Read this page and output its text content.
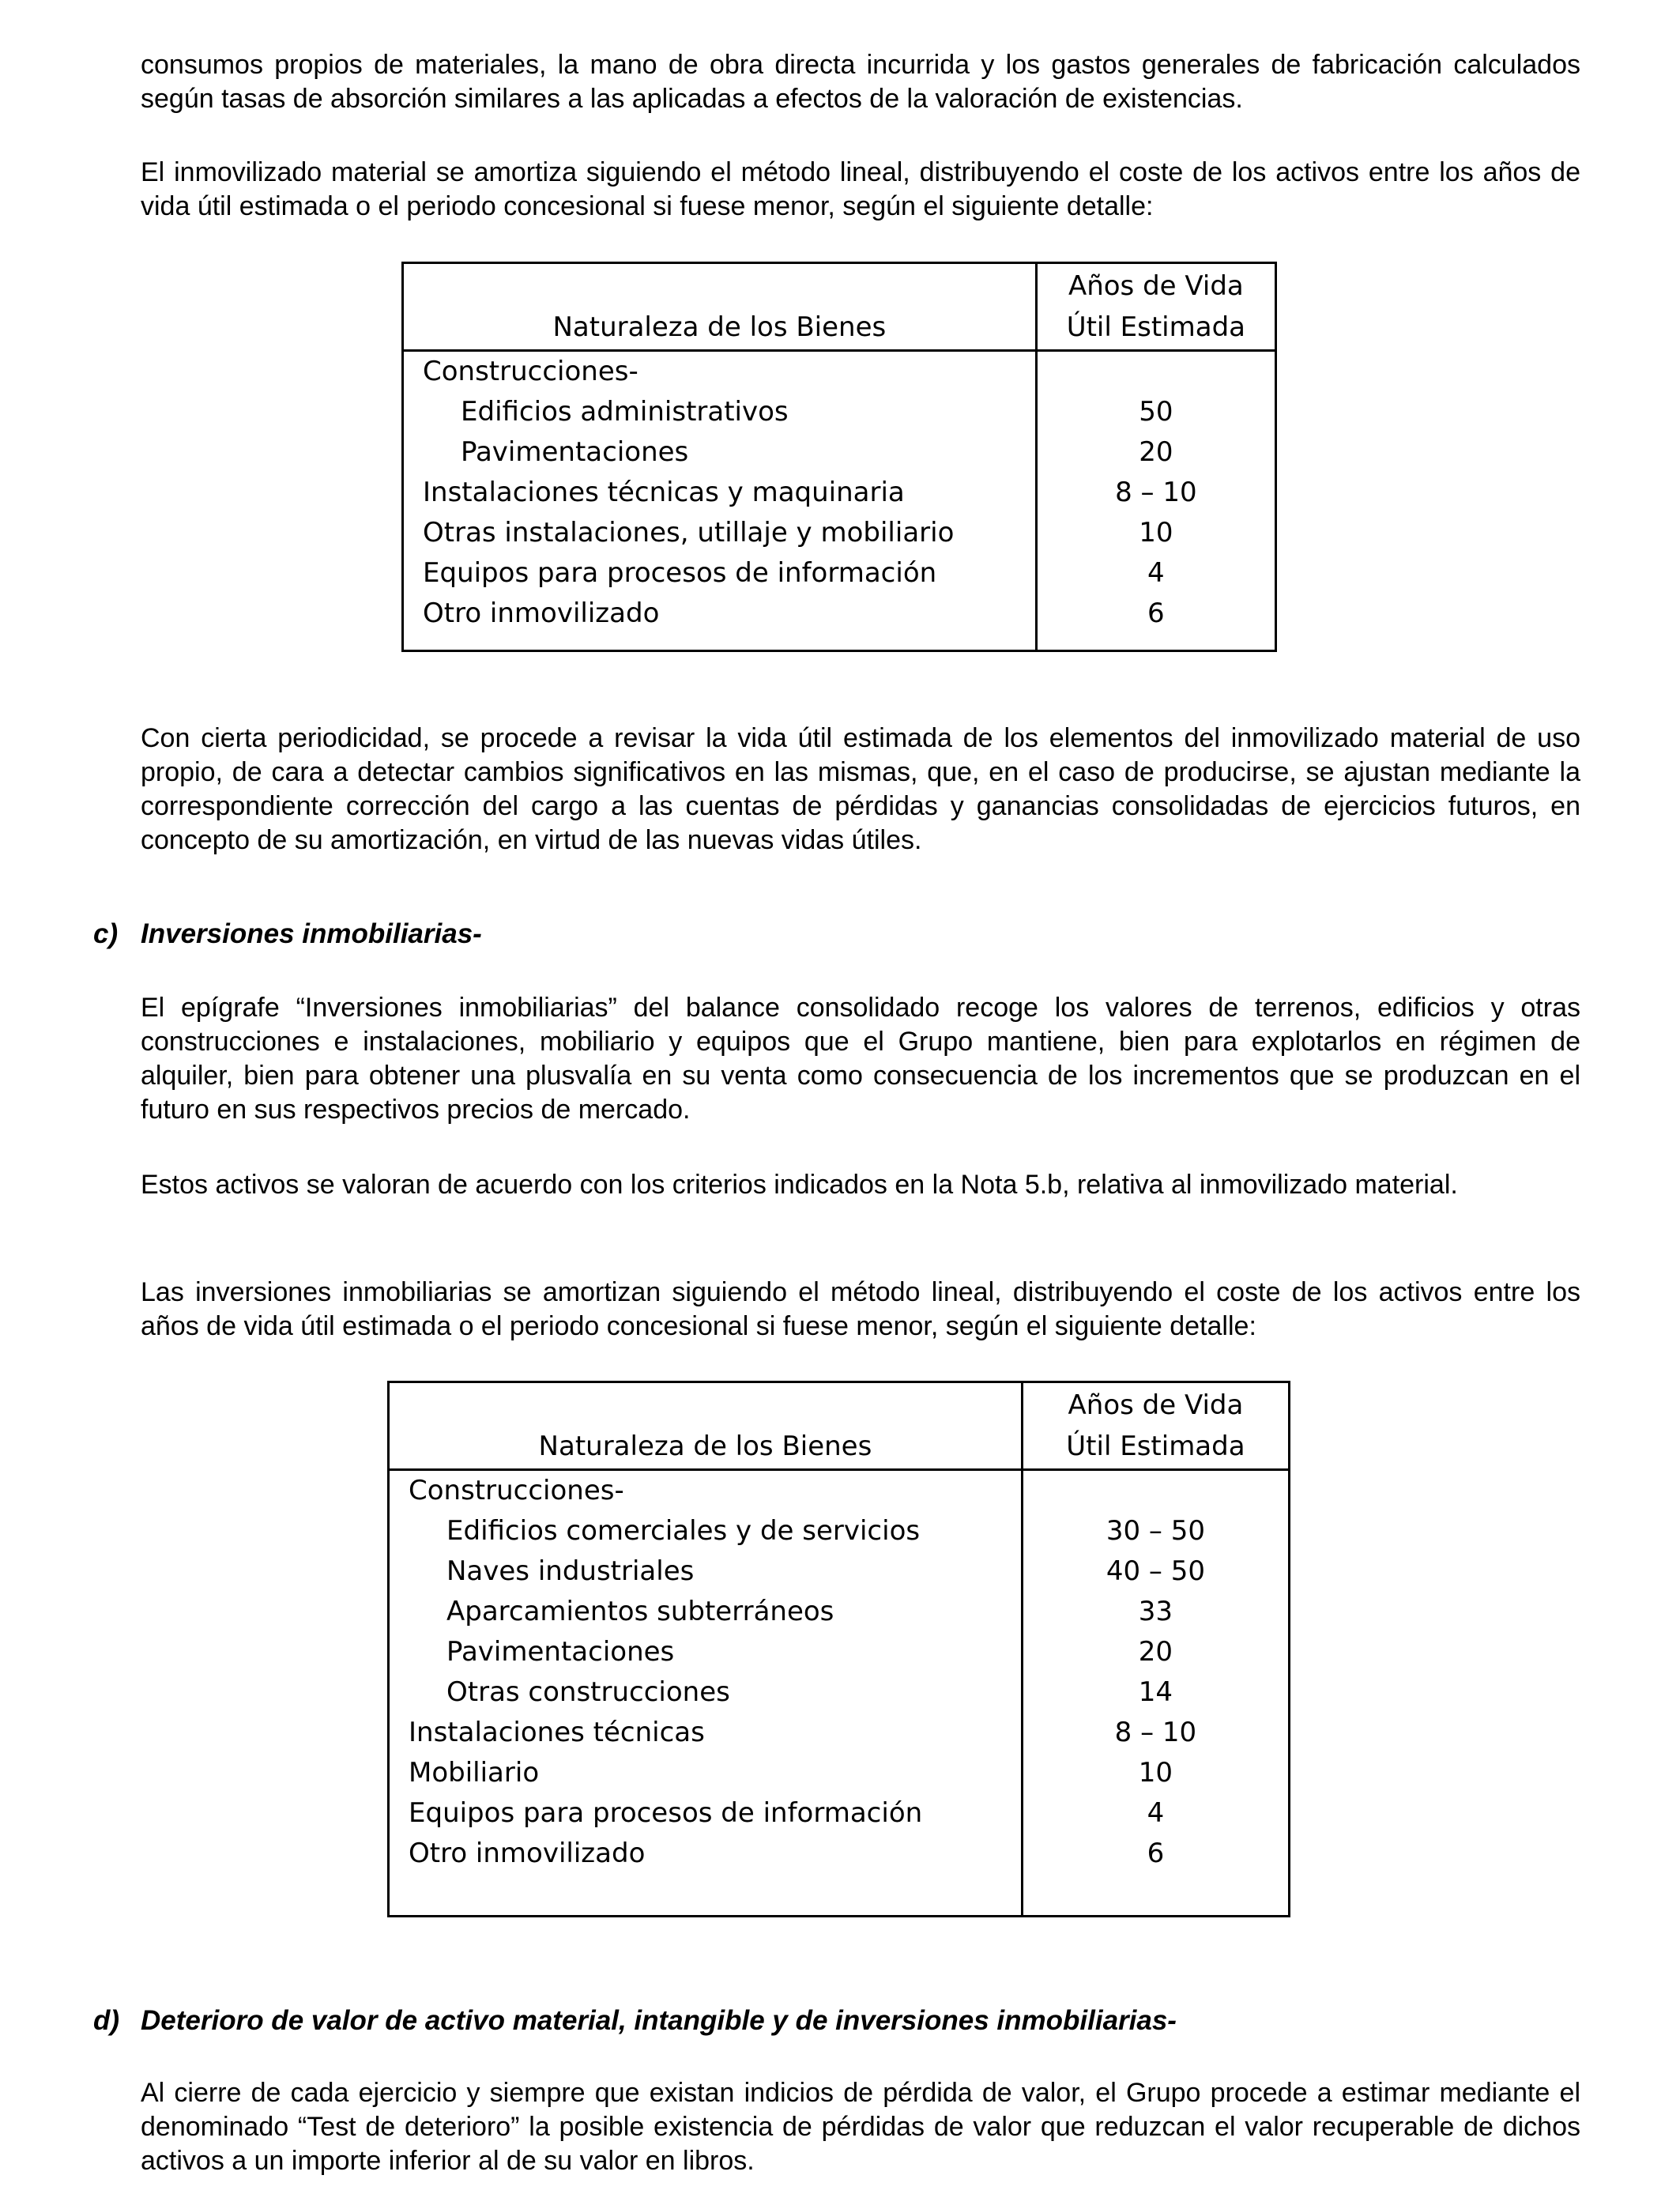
consumos propios de materiales, la mano de obra directa incurrida y los gastos generales de fabricación calculados según tasas de absorción similares a las aplicadas a efectos de la valoración de existencias.

El inmovilizado material se amortiza siguiendo el método lineal, distribuyendo el coste de los activos entre los años de vida útil estimada o el periodo concesional si fuese menor, según el siguiente detalle:

Naturaleza de los Bienes	Años de Vida
Útil Estimada

Construcciones-	
Edificios administrativos	50
Pavimentaciones	20
Instalaciones técnicas y maquinaria	8 – 10
Otras instalaciones, utillaje y mobiliario	10
Equipos para procesos de información	4
Otro inmovilizado	6

Con cierta periodicidad, se procede a revisar la vida útil estimada de los elementos del inmovilizado material de uso propio, de cara a detectar cambios significativos en las mismas, que, en el caso de producirse, se ajustan mediante la correspondiente corrección del cargo a las cuentas de pérdidas y ganancias consolidadas de ejercicios futuros, en concepto de su amortización, en virtud de las nuevas vidas útiles.

c) Inversiones inmobiliarias-

El epígrafe “Inversiones inmobiliarias” del balance consolidado recoge los valores de terrenos, edificios y otras construcciones e instalaciones, mobiliario y equipos que el Grupo mantiene, bien para explotarlos en régimen de alquiler, bien para obtener una plusvalía en su venta como consecuencia de los incrementos que se produzcan en el futuro en sus respectivos precios de mercado.

Estos activos se valoran de acuerdo con los criterios indicados en la Nota 5.b, relativa al inmovilizado material.

Las inversiones inmobiliarias se amortizan siguiendo el método lineal, distribuyendo el coste de los activos entre los años de vida útil estimada o el periodo concesional si fuese menor, según el siguiente detalle:

Naturaleza de los Bienes	Años de Vida
Útil Estimada

Construcciones-	
Edificios comerciales y de servicios	30 – 50
Naves industriales	40 – 50
Aparcamientos subterráneos	33
Pavimentaciones	20
Otras construcciones	14
Instalaciones técnicas	8 – 10
Mobiliario	10
Equipos para procesos de información	4
Otro inmovilizado	6

d) Deterioro de valor de activo material, intangible y de inversiones inmobiliarias-

Al cierre de cada ejercicio y siempre que existan indicios de pérdida de valor, el Grupo procede a estimar mediante el denominado “Test de deterioro” la posible existencia de pérdidas de valor que reduzcan el valor recuperable de dichos activos a un importe inferior al de su valor en libros.
